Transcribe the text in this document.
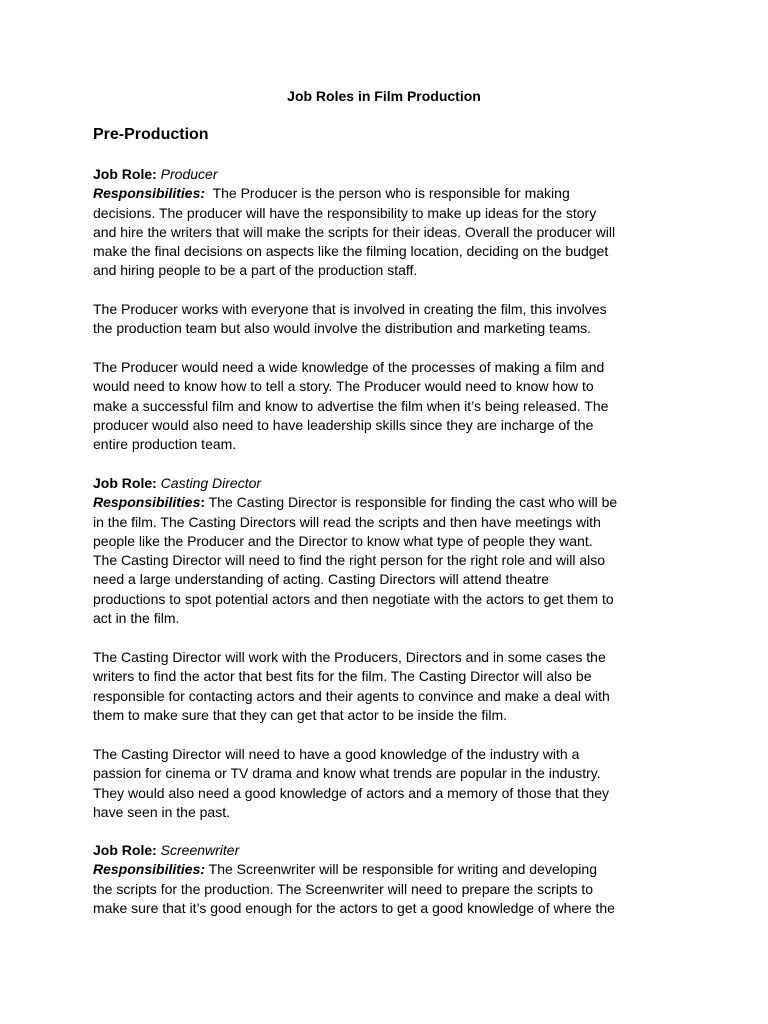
Job Roles in Film Production
Pre-Production
Job Role: Producer
Responsibilities: The Producer is the person who is responsible for making
decisions. The producer will have the responsibility to make up ideas for the story
and hire the writers that will make the scripts for their ideas. Overall the producer will
make the final decisions on aspects like the filming location, deciding on the budget
and hiring people to be a part of the production staff.
The Producer works with everyone that is involved in creating the film, this involves
the production team but also would involve the distribution and marketing teams.
The Producer would need a wide knowledge of the processes of making a film and
would need to know how to tell a story. The Producer would need to know how to
make a successful film and know to advertise the film when it’s being released. The
producer would also need to have leadership skills since they are incharge of the
entire production team.
Job Role: Casting Director
Responsibilities: The Casting Director is responsible for finding the cast who will be
in the film. The Casting Directors will read the scripts and then have meetings with
people like the Producer and the Director to know what type of people they want.
The Casting Director will need to find the right person for the right role and will also
need a large understanding of acting. Casting Directors will attend theatre
productions to spot potential actors and then negotiate with the actors to get them to
act in the film.
The Casting Director will work with the Producers, Directors and in some cases the
writers to find the actor that best fits for the film. The Casting Director will also be
responsible for contacting actors and their agents to convince and make a deal with
them to make sure that they can get that actor to be inside the film.
The Casting Director will need to have a good knowledge of the industry with a
passion for cinema or TV drama and know what trends are popular in the industry.
They would also need a good knowledge of actors and a memory of those that they
have seen in the past.
Job Role: Screenwriter
Responsibilities: The Screenwriter will be responsible for writing and developing
the scripts for the production. The Screenwriter will need to prepare the scripts to
make sure that it’s good enough for the actors to get a good knowledge of where the
